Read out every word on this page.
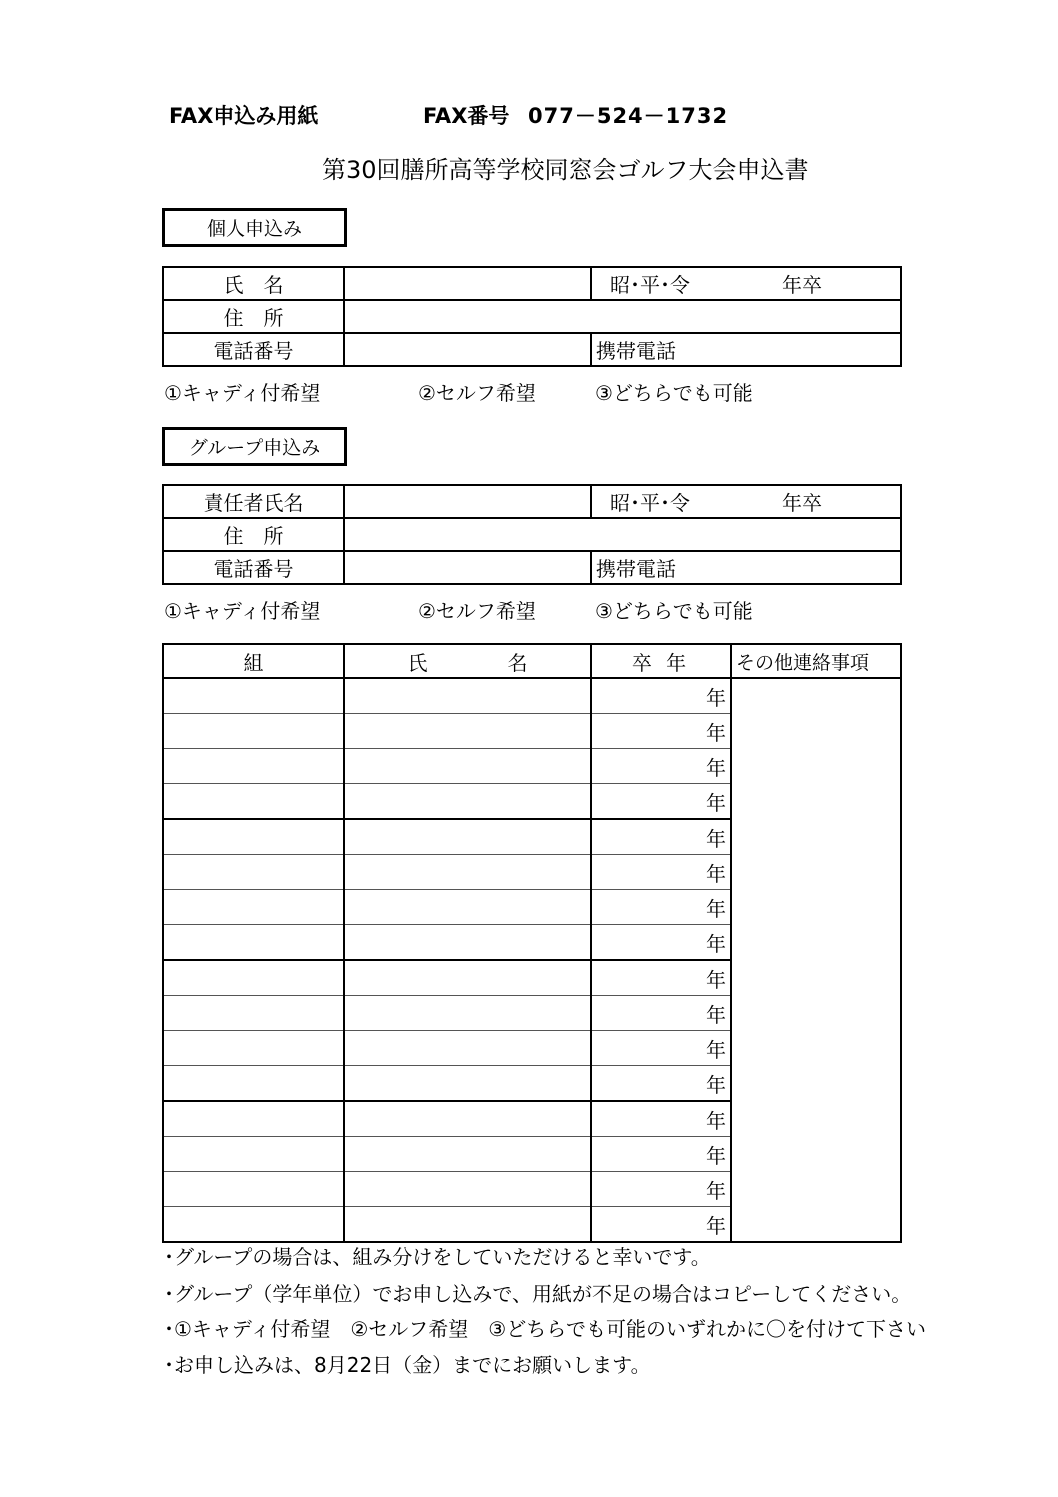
FAX申込み用紙	FAX番号 077－524－1732
第30回膳所高等学校同窓会ゴルフ大会申込書
個人申込み
氏　名		昭･平･令 年卒
住　所		
電話番号		携帯電話
①キャディ付希望	②セルフ希望	③どちらでも可能
グループ申込み
責任者氏名		昭･平･令 年卒
住　所		
電話番号		携帯電話
①キャディ付希望	②セルフ希望	③どちらでも可能
組	氏 名	卒 年	その他連絡事項
		年	
		年	
		年	
		年	
		年	
		年	
		年	
		年	
		年	
		年	
		年	
		年	
		年	
		年	
		年	
		年	
･グループの場合は、組み分けをしていただけると幸いです。
･グループ（学年単位）でお申し込みで、用紙が不足の場合はコピーしてください。
･①キャディ付希望　②セルフ希望　③どちらでも可能のいずれかに〇を付けて下さい
･お申し込みは、8月22日（金）までにお願いします。
